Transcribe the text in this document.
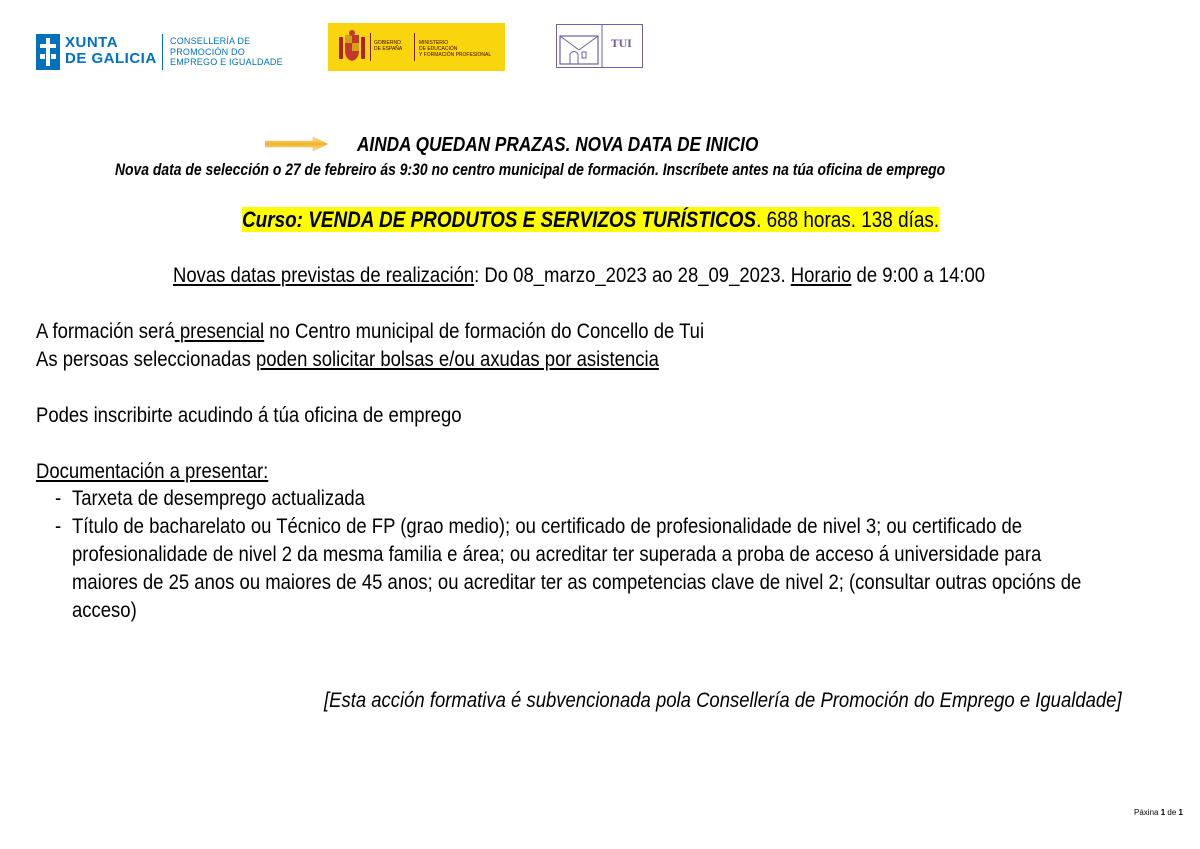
XUNTA
DE GALICIA
CONSELLERÍA DE
PROMOCIÓN DO
EMPREGO E IGUALDADE
GOBIERNO
DE ESPAÑA
MINISTERIO
DE EDUCACIÓN
Y FORMACIÓN PROFESIONAL
TUI
AINDA QUEDAN PRAZAS. NOVA DATA DE INICIO
Nova data de selección o 27 de febreiro ás 9:30 no centro municipal de formación. Inscríbete antes na túa oficina de emprego
Curso: VENDA DE PRODUTOS E SERVIZOS TURÍSTICOS. 688 horas. 138 días.
Novas datas previstas de realización: Do 08_marzo_2023 ao 28_09_2023. Horario de 9:00 a 14:00
A formación será presencial no Centro municipal de formación do Concello de Tui
As persoas seleccionadas poden solicitar bolsas e/ou axudas por asistencia
Podes inscribirte acudindo á túa oficina de emprego
Documentación a presentar:
- Tarxeta de desemprego actualizada
- Título de bacharelato ou Técnico de FP (grao medio); ou certificado de profesionalidade de nivel 3; ou certificado de
profesionalidade de nivel 2 da mesma familia e área; ou acreditar ter superada a proba de acceso á universidade para
maiores de 25 anos ou maiores de 45 anos; ou acreditar ter as competencias clave de nivel 2; (consultar outras opcións de
acceso)
[Esta acción formativa é subvencionada pola Consellería de Promoción do Emprego e Igualdade]
Páxina 1 de 1
